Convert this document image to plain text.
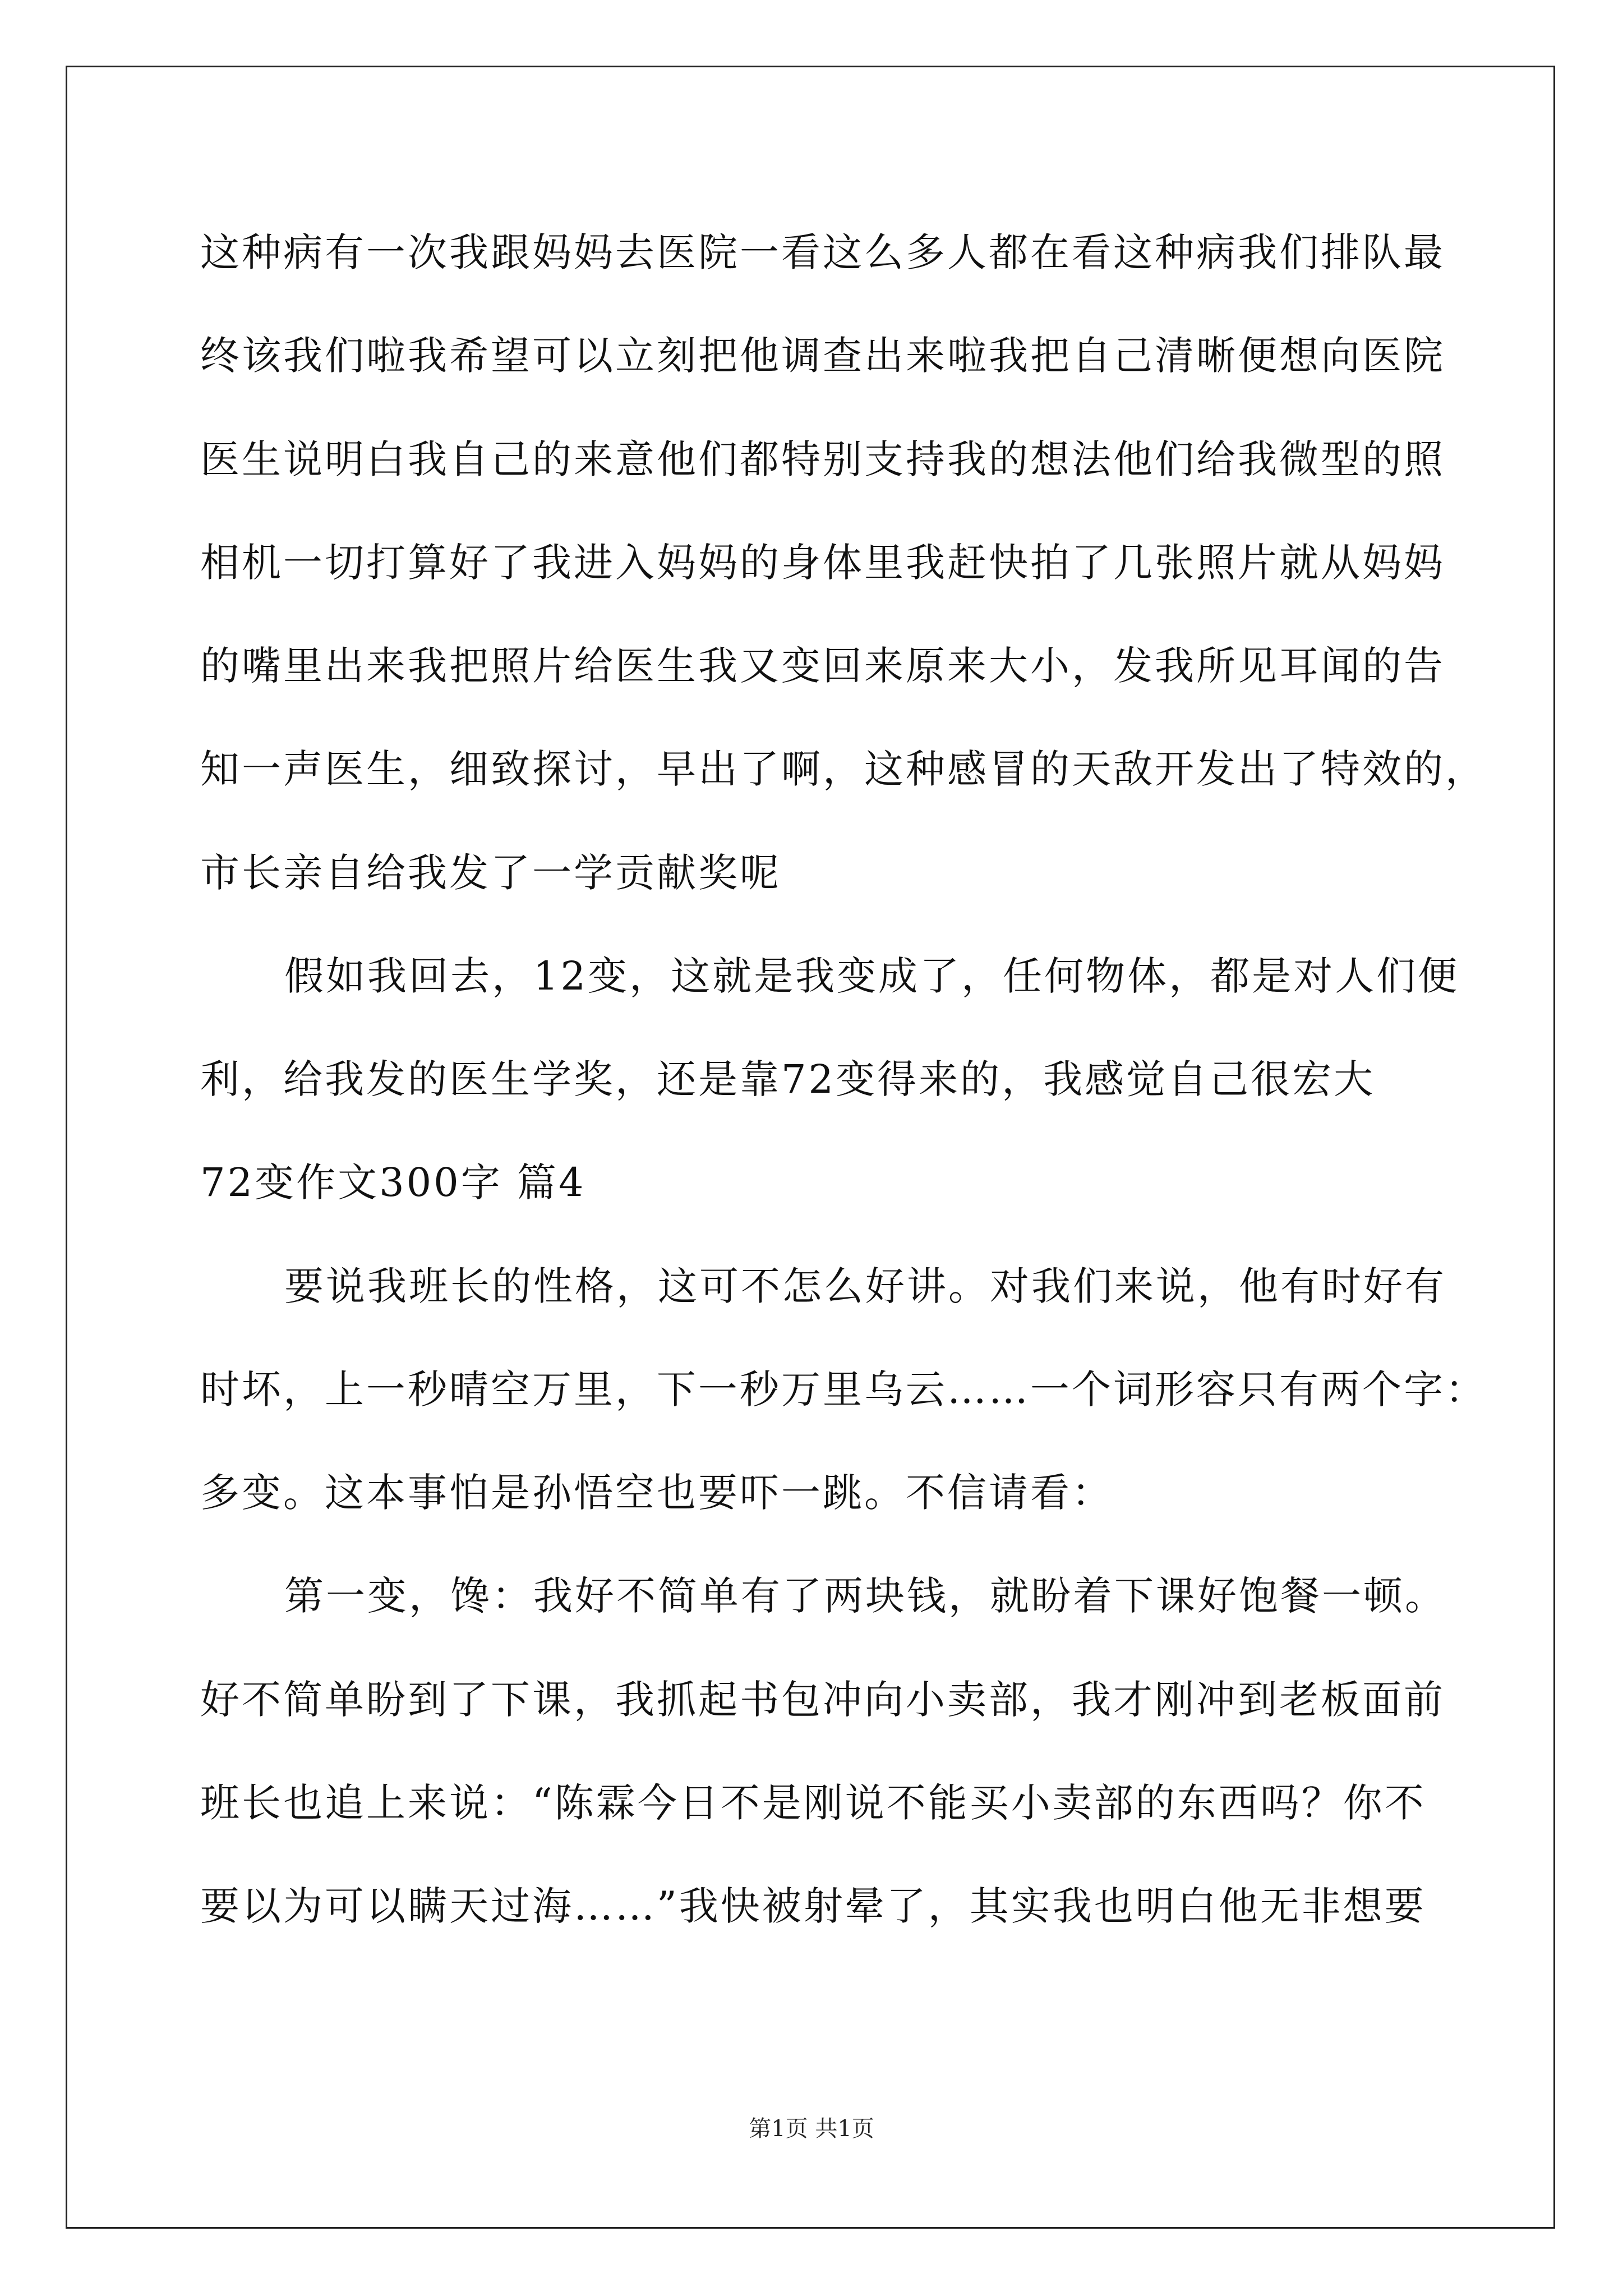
这种病有一次我跟妈妈去医院一看这么多人都在看这种病我们排队最
终该我们啦我希望可以立刻把他调查出来啦我把自己清晰便想向医院
医生说明白我自己的来意他们都特别支持我的想法他们给我微型的照
相机一切打算好了我进入妈妈的身体里我赶快拍了几张照片就从妈妈
的嘴里出来我把照片给医生我又变回来原来大小，发我所见耳闻的告
知一声医生，细致探讨，早出了啊，这种感冒的天敌开发出了特效的，
市长亲自给我发了一学贡献奖呢
假如我回去，12变，这就是我变成了，任何物体，都是对人们便
利，给我发的医生学奖，还是靠72变得来的，我感觉自己很宏大
72变作文300字 篇4
要说我班长的性格，这可不怎么好讲。对我们来说，他有时好有
时坏，上一秒晴空万里，下一秒万里乌云……一个词形容只有两个字：
多变。这本事怕是孙悟空也要吓一跳。不信请看：
第一变，馋：我好不简单有了两块钱，就盼着下课好饱餐一顿。
好不简单盼到了下课，我抓起书包冲向小卖部，我才刚冲到老板面前
班长也追上来说：“陈霖今日不是刚说不能买小卖部的东西吗？你不
要以为可以瞒天过海……”我快被射晕了，其实我也明白他无非想要
第1页 共1页
